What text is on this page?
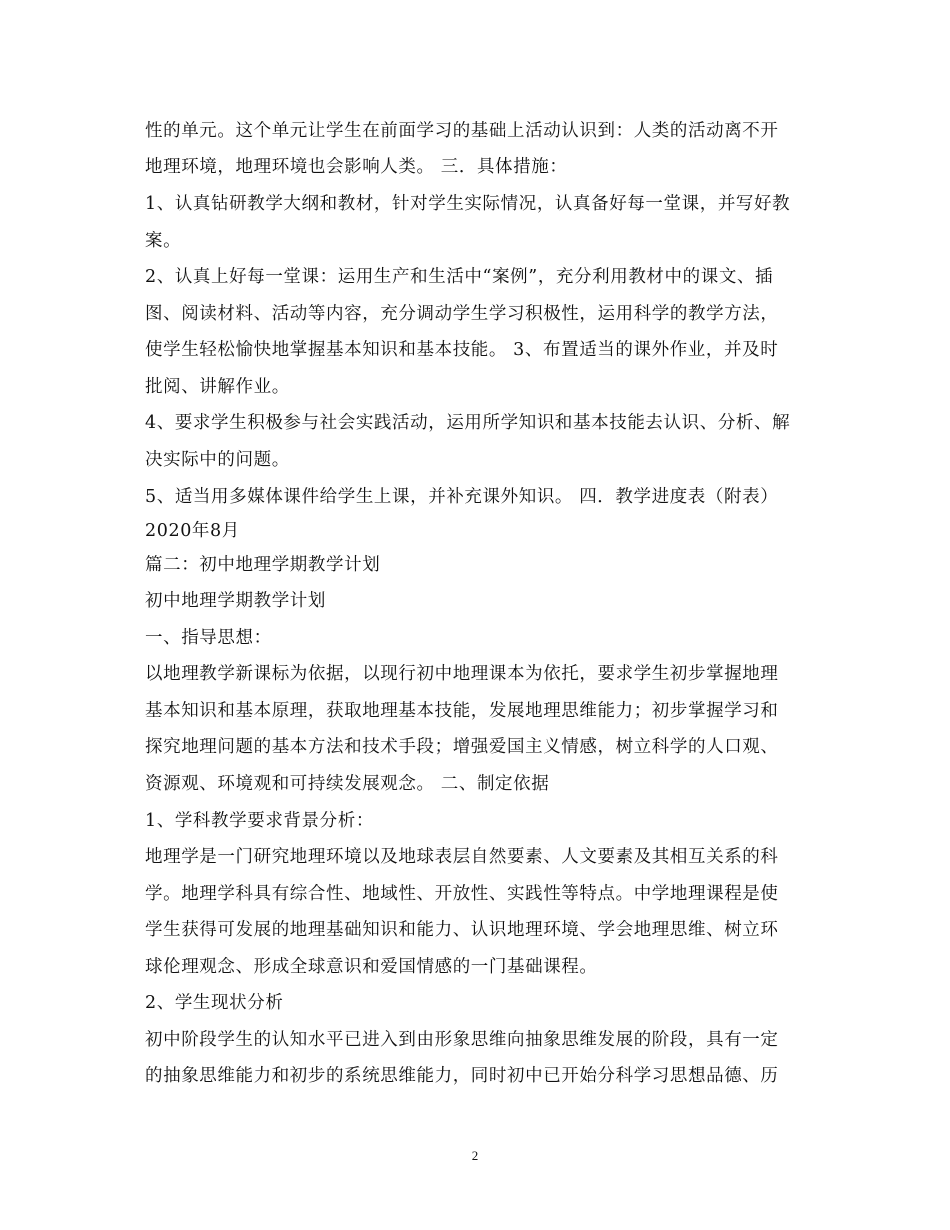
性的单元。这个单元让学生在前面学习的基础上活动认识到：人类的活动离不开
地理环境，地理环境也会影响人类。 三．具体措施：
1、认真钻研教学大纲和教材，针对学生实际情况，认真备好每一堂课，并写好教
案。
2、认真上好每一堂课：运用生产和生活中“案例”，充分利用教材中的课文、插
图、阅读材料、活动等内容，充分调动学生学习积极性，运用科学的教学方法，
使学生轻松愉快地掌握基本知识和基本技能。 3、布置适当的课外作业，并及时
批阅、讲解作业。
4、要求学生积极参与社会实践活动，运用所学知识和基本技能去认识、分析、解
决实际中的问题。
5、适当用多媒体课件给学生上课，并补充课外知识。 四．教学进度表（附表）
2020年8月
篇二：初中地理学期教学计划
初中地理学期教学计划
一、指导思想：
以地理教学新课标为依据，以现行初中地理课本为依托，要求学生初步掌握地理
基本知识和基本原理，获取地理基本技能，发展地理思维能力；初步掌握学习和
探究地理问题的基本方法和技术手段；增强爱国主义情感，树立科学的人口观、
资源观、环境观和可持续发展观念。 二、制定依据
1、学科教学要求背景分析：
地理学是一门研究地理环境以及地球表层自然要素、人文要素及其相互关系的科
学。地理学科具有综合性、地域性、开放性、实践性等特点。中学地理课程是使
学生获得可发展的地理基础知识和能力、认识地理环境、学会地理思维、树立环
球伦理观念、形成全球意识和爱国情感的一门基础课程。
2、学生现状分析
初中阶段学生的认知水平已进入到由形象思维向抽象思维发展的阶段，具有一定
的抽象思维能力和初步的系统思维能力，同时初中已开始分科学习思想品德、历
2
